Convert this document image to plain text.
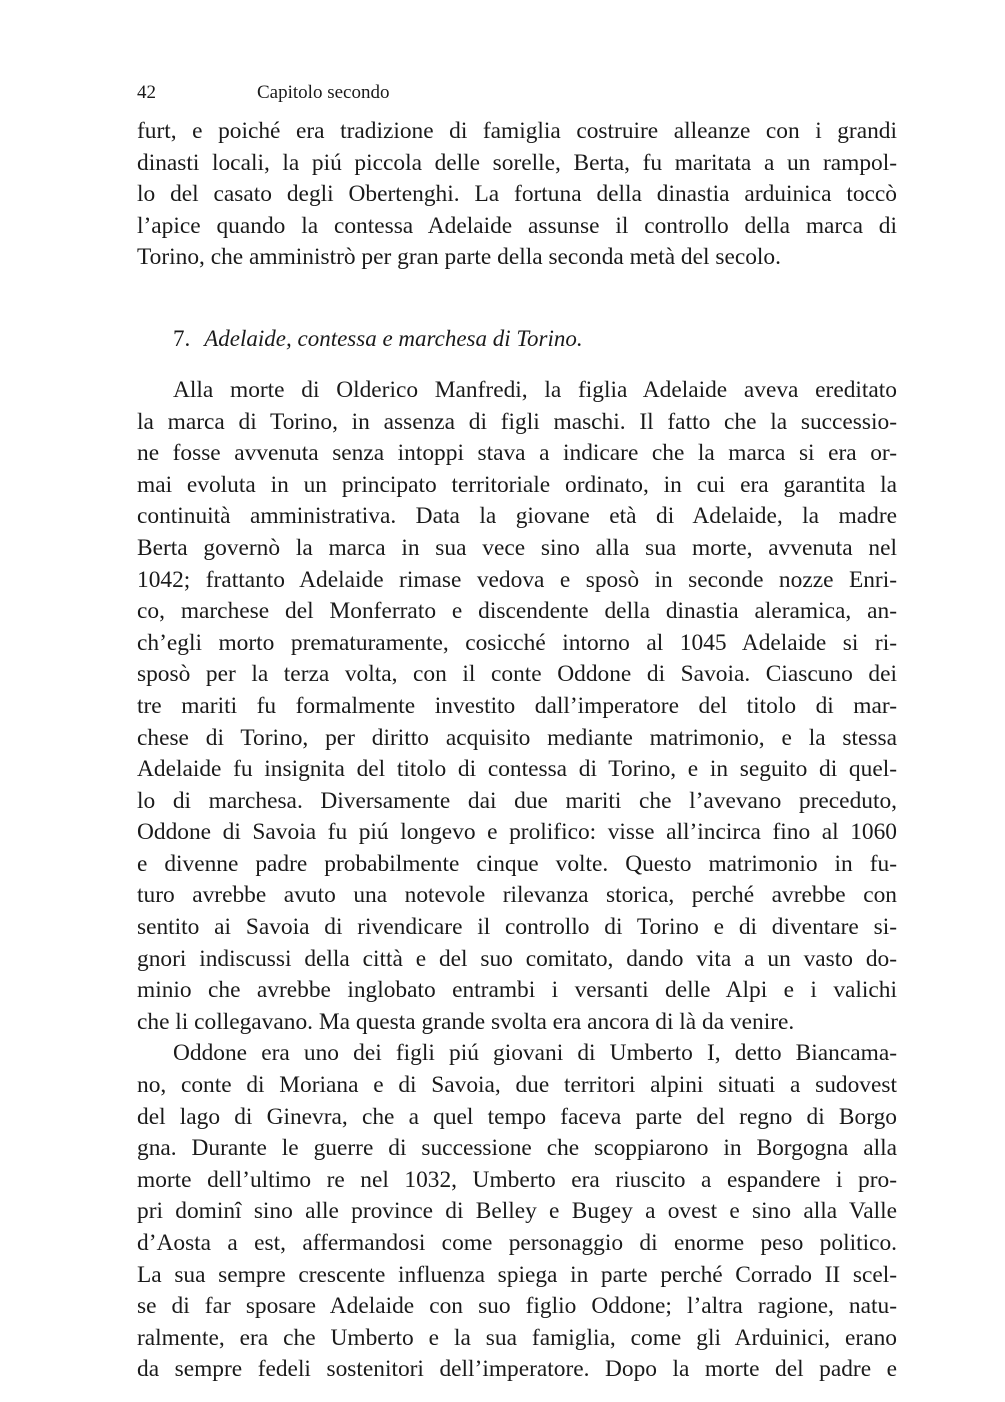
42	Capitolo secondo
furt, e poiché era tradizione di famiglia costruire alleanze con i grandi
dinasti locali, la piú piccola delle sorelle, Berta, fu maritata a un rampol-
lo del casato degli Obertenghi. La fortuna della dinastia arduinica toccò
l’apice quando la contessa Adelaide assunse il controllo della marca di
Torino, che amministrò per gran parte della seconda metà del secolo.
7. Adelaide, contessa e marchesa di Torino.
Alla morte di Olderico Manfredi, la figlia Adelaide aveva ereditato
la marca di Torino, in assenza di figli maschi. Il fatto che la successio-
ne fosse avvenuta senza intoppi stava a indicare che la marca si era or-
mai evoluta in un principato territoriale ordinato, in cui era garantita la
continuità amministrativa. Data la giovane età di Adelaide, la madre
Berta governò la marca in sua vece sino alla sua morte, avvenuta nel
1042; frattanto Adelaide rimase vedova e sposò in seconde nozze Enri-
co, marchese del Monferrato e discendente della dinastia aleramica, an-
ch’egli morto prematuramente, cosicché intorno al 1045 Adelaide si ri-
sposò per la terza volta, con il conte Oddone di Savoia. Ciascuno dei
tre mariti fu formalmente investito dall’imperatore del titolo di mar-
chese di Torino, per diritto acquisito mediante matrimonio, e la stessa
Adelaide fu insignita del titolo di contessa di Torino, e in seguito di quel-
lo di marchesa. Diversamente dai due mariti che l’avevano preceduto,
Oddone di Savoia fu piú longevo e prolifico: visse all’incirca fino al 1060
e divenne padre probabilmente cinque volte. Questo matrimonio in fu-
turo avrebbe avuto una notevole rilevanza storica, perché avrebbe con
sentito ai Savoia di rivendicare il controllo di Torino e di diventare si-
gnori indiscussi della città e del suo comitato, dando vita a un vasto do-
minio che avrebbe inglobato entrambi i versanti delle Alpi e i valichi
che li collegavano. Ma questa grande svolta era ancora di là da venire.
Oddone era uno dei figli piú giovani di Umberto I, detto Biancama-
no, conte di Moriana e di Savoia, due territori alpini situati a sudovest
del lago di Ginevra, che a quel tempo faceva parte del regno di Borgo
gna. Durante le guerre di successione che scoppiarono in Borgogna alla
morte dell’ultimo re nel 1032, Umberto era riuscito a espandere i pro-
pri dominî sino alle province di Belley e Bugey a ovest e sino alla Valle
d’Aosta a est, affermandosi come personaggio di enorme peso politico.
La sua sempre crescente influenza spiega in parte perché Corrado II scel-
se di far sposare Adelaide con suo figlio Oddone; l’altra ragione, natu-
ralmente, era che Umberto e la sua famiglia, come gli Arduinici, erano
da sempre fedeli sostenitori dell’imperatore. Dopo la morte del padre e
